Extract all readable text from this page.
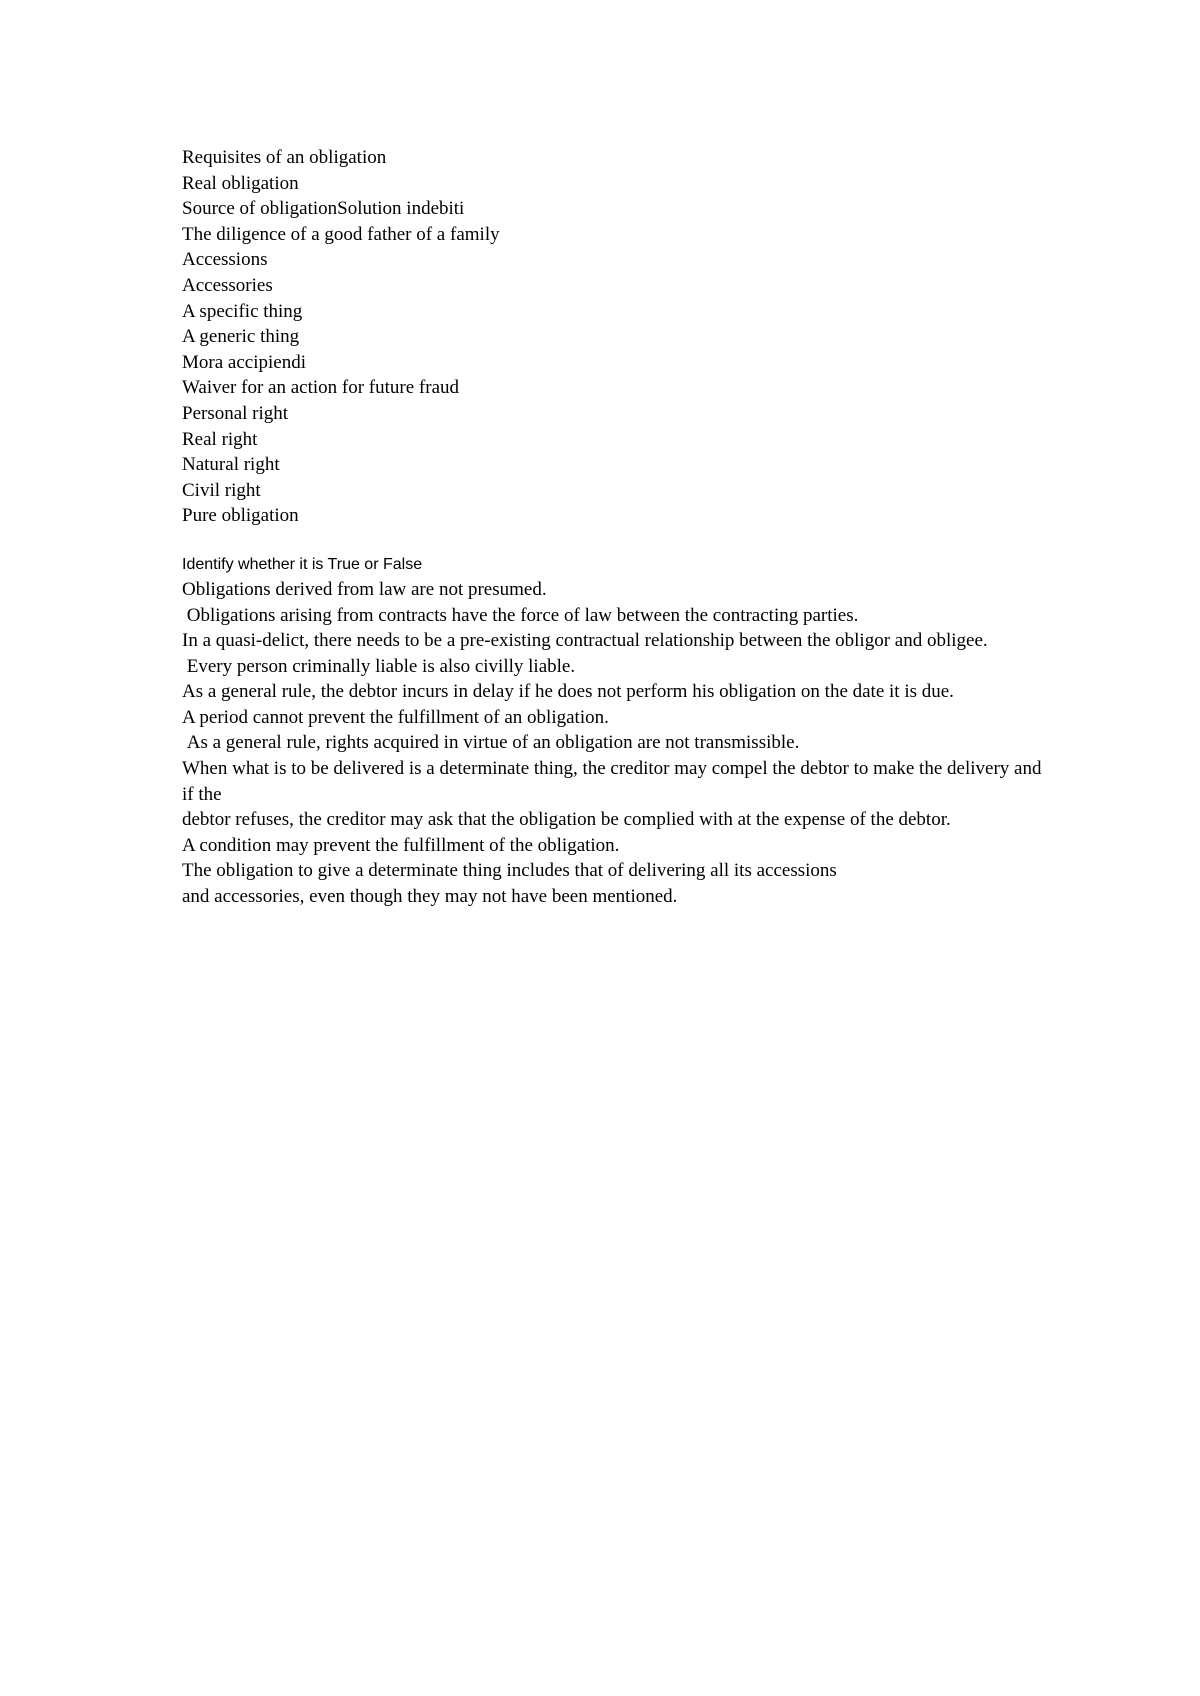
Requisites of an obligation
Real obligation
Source of obligationSolution indebiti
The diligence of a good father of a family
Accessions
Accessories
A specific thing
A generic thing
Mora accipiendi
Waiver for an action for future fraud
Personal right
Real right
Natural right
Civil right
Pure obligation

Identify whether it is True or False

Obligations derived from law are not presumed.
Obligations arising from contracts have the force of law between the contracting parties.
In a quasi-delict, there needs to be a pre-existing contractual relationship between the obligor and obligee.
Every person criminally liable is also civilly liable.
As a general rule, the debtor incurs in delay if he does not perform his obligation on the date it is due.
A period cannot prevent the fulfillment of an obligation.
As a general rule, rights acquired in virtue of an obligation are not transmissible.
When what is to be delivered is a determinate thing, the creditor may compel the debtor to make the delivery and if the
debtor refuses, the creditor may ask that the obligation be complied with at the expense of the debtor.
A condition may prevent the fulfillment of the obligation.
The obligation to give a determinate thing includes that of delivering all its accessions
and accessories, even though they may not have been mentioned.
